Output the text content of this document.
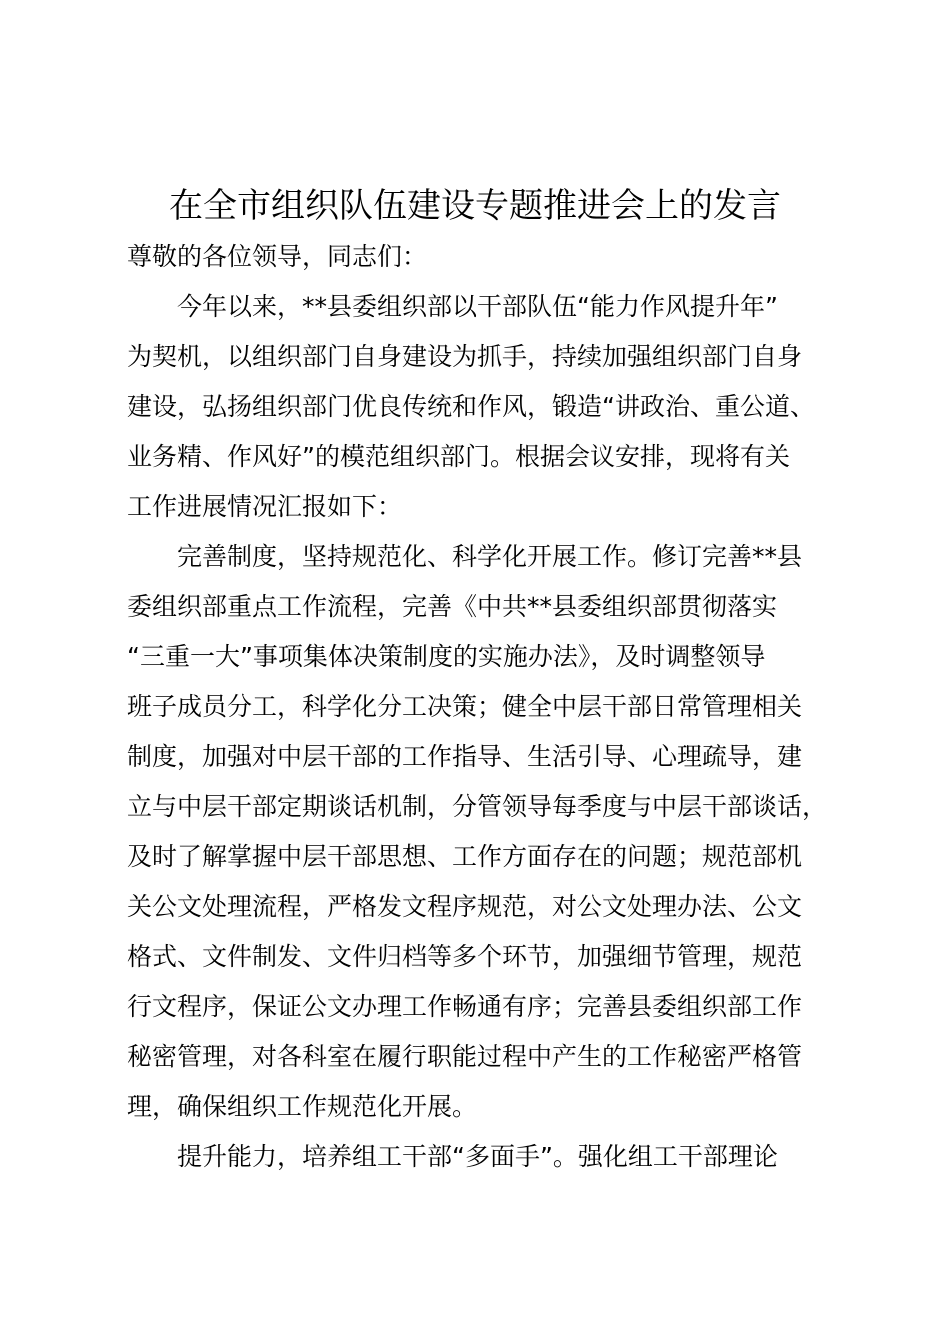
在全市组织队伍建设专题推进会上的发言
尊敬的各位领导，同志们：
今年以来，**县委组织部以干部队伍“能力作风提升年”
为契机，以组织部门自身建设为抓手，持续加强组织部门自身
建设，弘扬组织部门优良传统和作风，锻造“讲政治、重公道、
业务精、作风好”的模范组织部门。根据会议安排，现将有关
工作进展情况汇报如下：
完善制度，坚持规范化、科学化开展工作。修订完善**县
委组织部重点工作流程，完善《中共**县委组织部贯彻落实
“三重一大”事项集体决策制度的实施办法》，及时调整领导
班子成员分工，科学化分工决策；健全中层干部日常管理相关
制度，加强对中层干部的工作指导、生活引导、心理疏导，建
立与中层干部定期谈话机制，分管领导每季度与中层干部谈话，
及时了解掌握中层干部思想、工作方面存在的问题；规范部机
关公文处理流程，严格发文程序规范，对公文处理办法、公文
格式、文件制发、文件归档等多个环节，加强细节管理，规范
行文程序，保证公文办理工作畅通有序；完善县委组织部工作
秘密管理，对各科室在履行职能过程中产生的工作秘密严格管
理，确保组织工作规范化开展。
提升能力，培养组工干部“多面手”。强化组工干部理论
